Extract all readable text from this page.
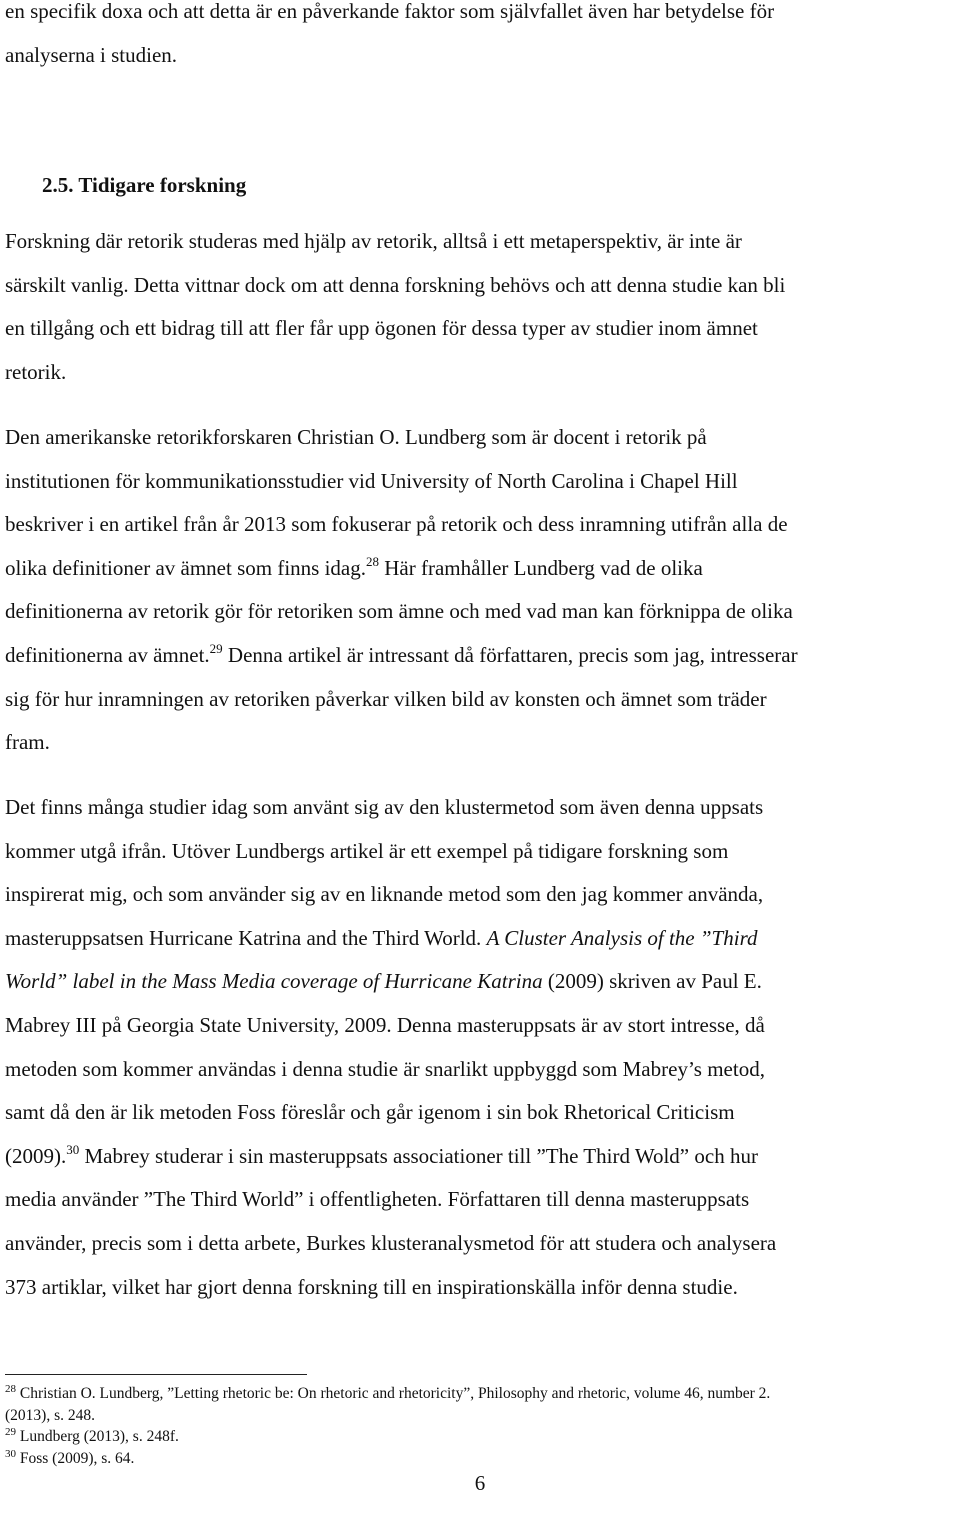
en specifik doxa och att detta är en påverkande faktor som självfallet även har betydelse för
analyserna i studien.
2.5. Tidigare forskning
Forskning där retorik studeras med hjälp av retorik, alltså i ett metaperspektiv, är inte är
särskilt vanlig. Detta vittnar dock om att denna forskning behövs och att denna studie kan bli
en tillgång och ett bidrag till att fler får upp ögonen för dessa typer av studier inom ämnet
retorik.
Den amerikanske retorikforskaren Christian O. Lundberg som är docent i retorik på
institutionen för kommunikationsstudier vid University of North Carolina i Chapel Hill
beskriver i en artikel från år 2013 som fokuserar på retorik och dess inramning utifrån alla de
olika definitioner av ämnet som finns idag.$^{28}$ Här framhåller Lundberg vad de olika
definitionerna av retorik gör för retoriken som ämne och med vad man kan förknippa de olika
definitionerna av ämnet.$^{29}$ Denna artikel är intressant då författaren, precis som jag, intresserar
sig för hur inramningen av retoriken påverkar vilken bild av konsten och ämnet som träder
fram.
Det finns många studier idag som använt sig av den klustermetod som även denna uppsats
kommer utgå ifrån. Utöver Lundbergs artikel är ett exempel på tidigare forskning som
inspirerat mig, och som använder sig av en liknande metod som den jag kommer använda,
masteruppsatsen Hurricane Katrina and the Third World. A Cluster Analysis of the ”Third
World” label in the Mass Media coverage of Hurricane Katrina (2009) skriven av Paul E.
Mabrey III på Georgia State University, 2009. Denna masteruppsats är av stort intresse, då
metoden som kommer användas i denna studie är snarlikt uppbyggd som Mabrey’s metod,
samt då den är lik metoden Foss föreslår och går igenom i sin bok Rhetorical Criticism
(2009).$^{30}$ Mabrey studerar i sin masteruppsats associationer till ”The Third Wold” och hur
media använder ”The Third World” i offentligheten. Författaren till denna masteruppsats
använder, precis som i detta arbete, Burkes klusteranalysmetod för att studera och analysera
373 artiklar, vilket har gjort denna forskning till en inspirationskälla inför denna studie.
$^{28}$ Christian O. Lundberg, ”Letting rhetoric be: On rhetoric and rhetoricity”, Philosophy and rhetoric, volume 46, number 2.
(2013), s. 248.
$^{29}$ Lundberg (2013), s. 248f.
$^{30}$ Foss (2009), s. 64.
6
